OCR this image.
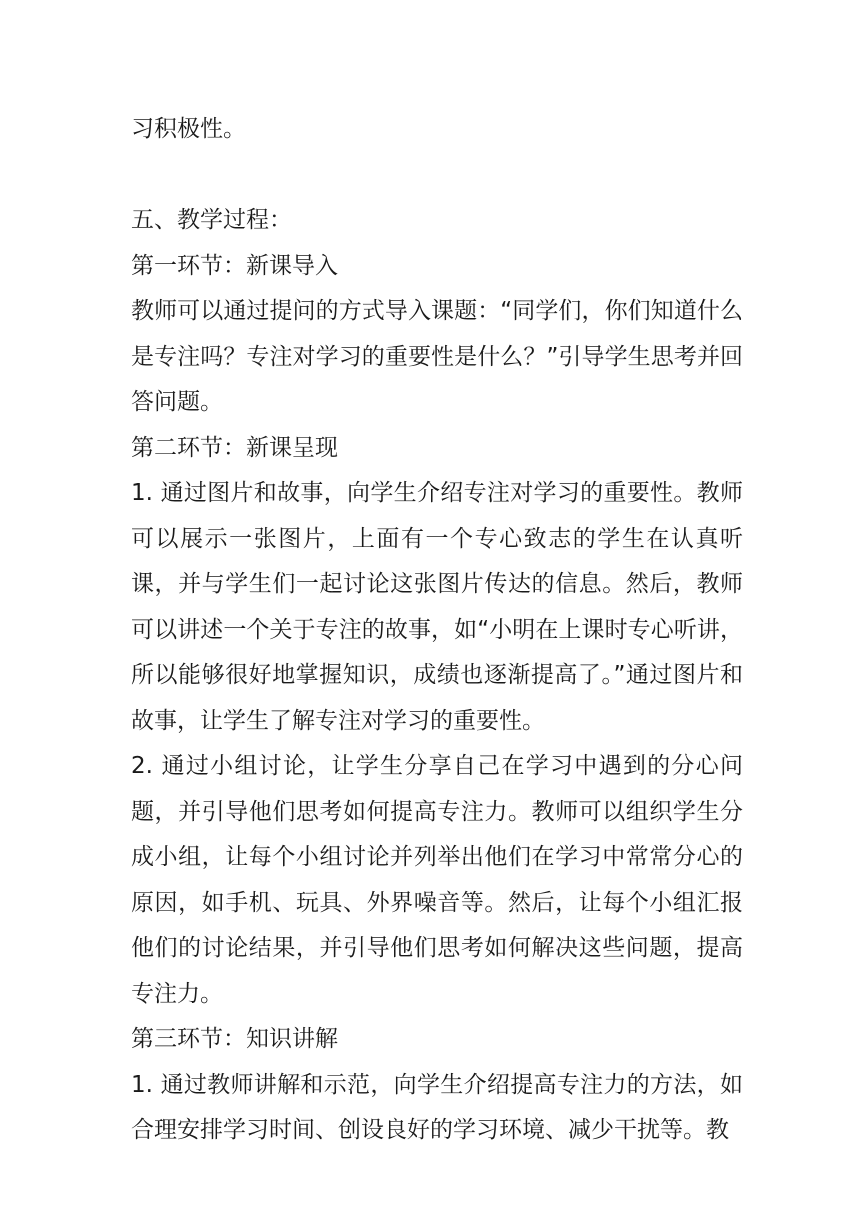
习积极性。

五、教学过程：

第一环节：新课导入

教师可以通过提问的方式导入课题：“同学们，你们知道什么是专注吗？专注对学习的重要性是什么？”引导学生思考并回答问题。

第二环节：新课呈现

1. 通过图片和故事，向学生介绍专注对学习的重要性。教师可以展示一张图片，上面有一个专心致志的学生在认真听课，并与学生们一起讨论这张图片传达的信息。然后，教师可以讲述一个关于专注的故事，如“小明在上课时专心听讲，所以能够很好地掌握知识，成绩也逐渐提高了。”通过图片和故事，让学生了解专注对学习的重要性。

2. 通过小组讨论，让学生分享自己在学习中遇到的分心问题，并引导他们思考如何提高专注力。教师可以组织学生分成小组，让每个小组讨论并列举出他们在学习中常常分心的原因，如手机、玩具、外界噪音等。然后，让每个小组汇报他们的讨论结果，并引导他们思考如何解决这些问题，提高专注力。

第三环节：知识讲解

1. 通过教师讲解和示范，向学生介绍提高专注力的方法，如合理安排学习时间、创设良好的学习环境、减少干扰等。教
